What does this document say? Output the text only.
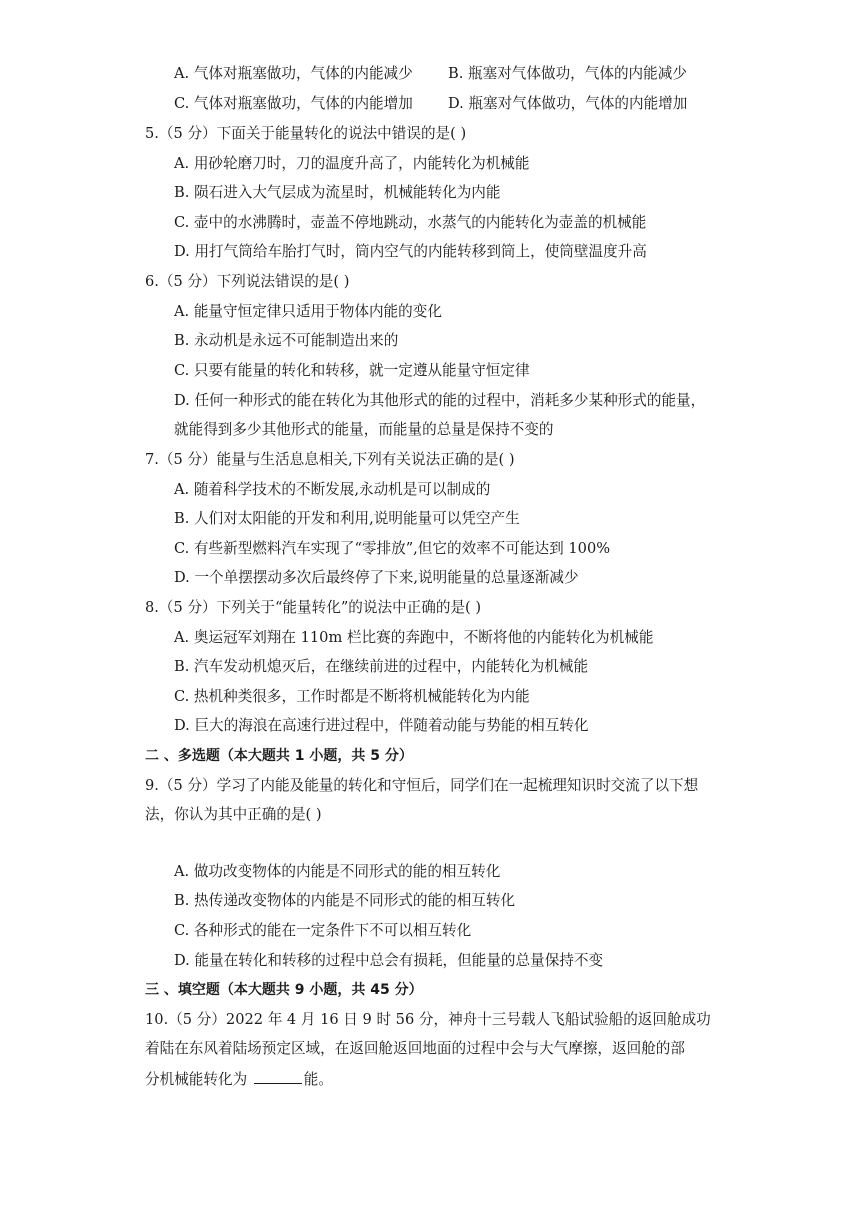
A. 气体对瓶塞做功，气体的内能减少 B. 瓶塞对气体做功，气体的内能减少
C. 气体对瓶塞做功，气体的内能增加 D. 瓶塞对气体做功，气体的内能增加
5.（5 分）下面关于能量转化的说法中错误的是( )
A. 用砂轮磨刀时，刀的温度升高了，内能转化为机械能
B. 陨石进入大气层成为流星时，机械能转化为内能
C. 壶中的水沸腾时，壶盖不停地跳动，水蒸气的内能转化为壶盖的机械能
D. 用打气筒给车胎打气时，筒内空气的内能转移到筒上，使筒壁温度升高
6.（5 分）下列说法错误的是( )
A. 能量守恒定律只适用于物体内能的变化
B. 永动机是永远不可能制造出来的
C. 只要有能量的转化和转移，就一定遵从能量守恒定律
D. 任何一种形式的能在转化为其他形式的能的过程中，消耗多少某种形式的能量，
就能得到多少其他形式的能量，而能量的总量是保持不变的
7.（5 分）能量与生活息息相关,下列有关说法正确的是( )
A. 随着科学技术的不断发展,永动机是可以制成的
B. 人们对太阳能的开发和利用,说明能量可以凭空产生
C. 有些新型燃料汽车实现了“零排放”,但它的效率不可能达到 100%
D. 一个单摆摆动多次后最终停了下来,说明能量的总量逐渐减少
8.（5 分）下列关于“能量转化”的说法中正确的是( )
A. 奥运冠军刘翔在 110m 栏比赛的奔跑中，不断将他的内能转化为机械能
B. 汽车发动机熄灭后，在继续前进的过程中，内能转化为机械能
C. 热机种类很多，工作时都是不断将机械能转化为内能
D. 巨大的海浪在高速行进过程中，伴随着动能与势能的相互转化
二 、多选题（本大题共 1 小题，共 5 分）
9.（5 分）学习了内能及能量的转化和守恒后，同学们在一起梳理知识时交流了以下想
法，你认为其中正确的是( )
A. 做功改变物体的内能是不同形式的能的相互转化
B. 热传递改变物体的内能是不同形式的能的相互转化
C. 各种形式的能在一定条件下不可以相互转化
D. 能量在转化和转移的过程中总会有损耗，但能量的总量保持不变
三 、填空题（本大题共 9 小题，共 45 分）
10.（5 分）2022 年 4 月 16 日 9 时 56 分，神舟十三号载人飞船试验船的返回舱成功
着陆在东风着陆场预定区域，在返回舱返回地面的过程中会与大气摩擦，返回舱的部
分机械能转化为	能。
